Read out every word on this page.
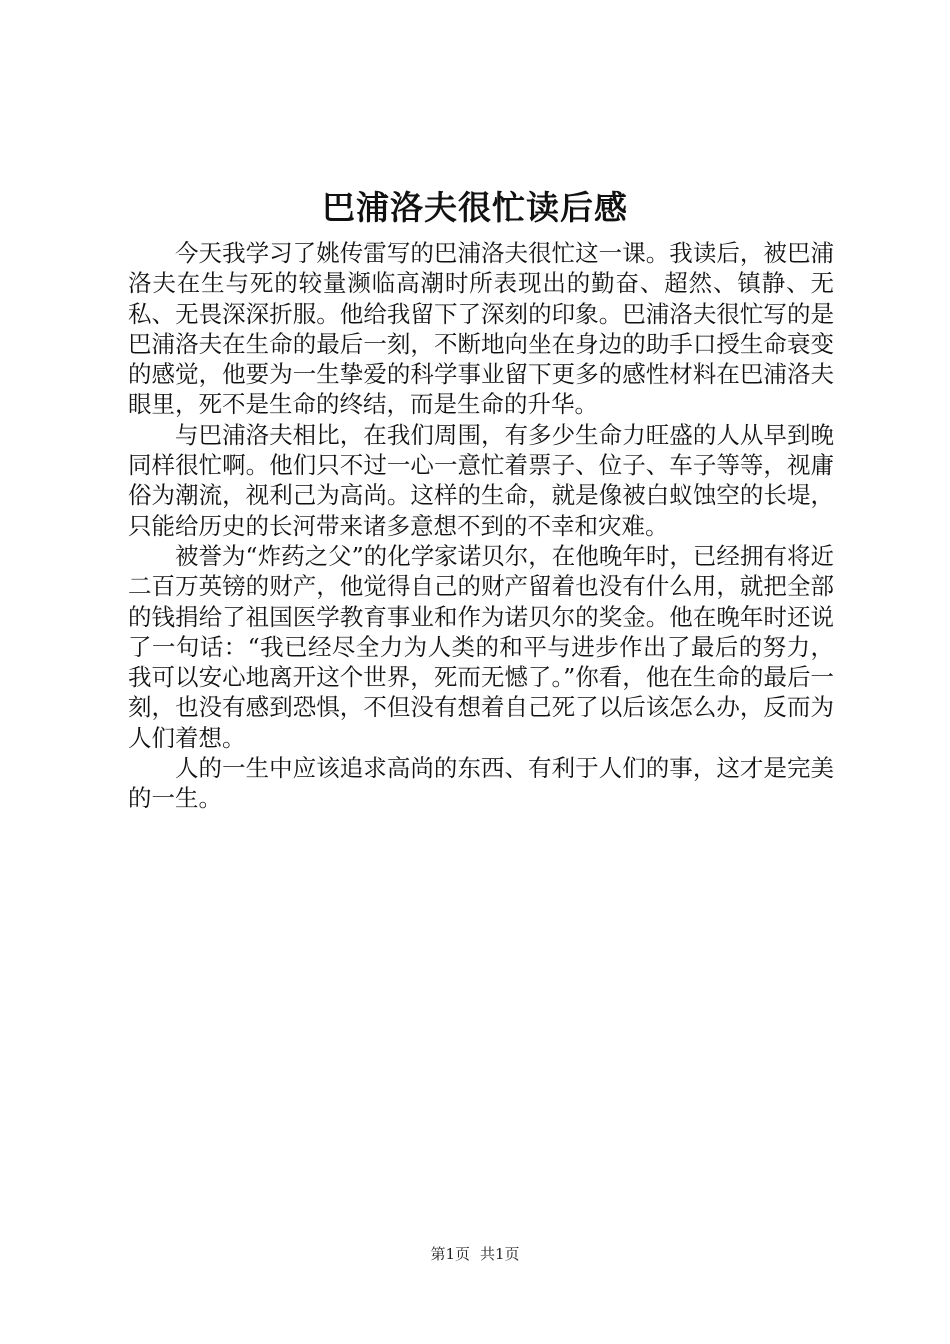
巴浦洛夫很忙读后感

今天我学习了姚传雷写的巴浦洛夫很忙这一课。我读后，被巴浦洛夫在生与死的较量濒临高潮时所表现出的勤奋、超然、镇静、无私、无畏深深折服。他给我留下了深刻的印象。巴浦洛夫很忙写的是巴浦洛夫在生命的最后一刻，不断地向坐在身边的助手口授生命衰变的感觉，他要为一生挚爱的科学事业留下更多的感性材料在巴浦洛夫眼里，死不是生命的终结，而是生命的升华。

与巴浦洛夫相比，在我们周围，有多少生命力旺盛的人从早到晚同样很忙啊。他们只不过一心一意忙着票子、位子、车子等等，视庸俗为潮流，视利己为高尚。这样的生命，就是像被白蚁蚀空的长堤，只能给历史的长河带来诸多意想不到的不幸和灾难。

被誉为“炸药之父”的化学家诺贝尔，在他晚年时，已经拥有将近二百万英镑的财产，他觉得自己的财产留着也没有什么用，就把全部的钱捐给了祖国医学教育事业和作为诺贝尔的奖金。他在晚年时还说了一句话：“我已经尽全力为人类的和平与进步作出了最后的努力，我可以安心地离开这个世界，死而无憾了。”你看，他在生命的最后一刻，也没有感到恐惧，不但没有想着自己死了以后该怎么办，反而为人们着想。

人的一生中应该追求高尚的东西、有利于人们的事，这才是完美的一生。

第1页 共1页
